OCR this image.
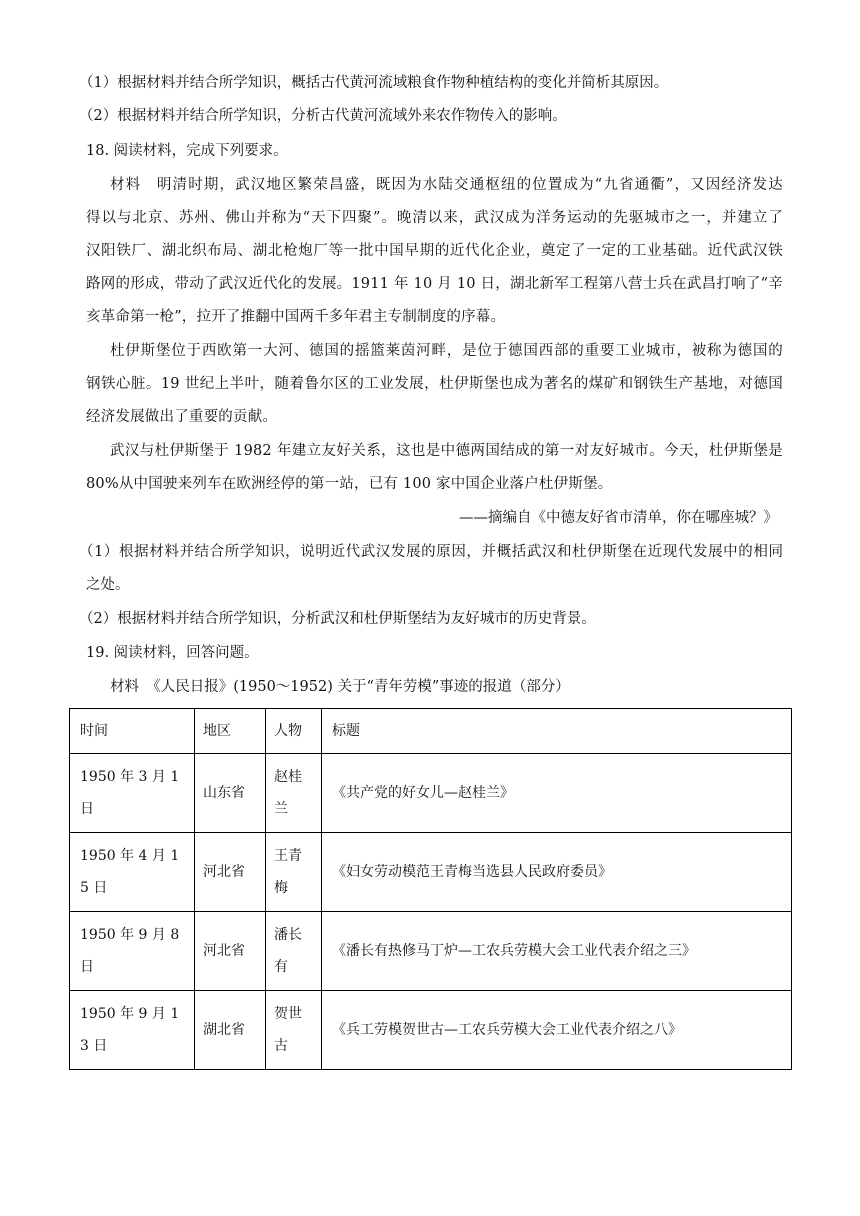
（1）根据材料并结合所学知识，概括古代黄河流域粮食作物种植结构的变化并简析其原因。
（2）根据材料并结合所学知识，分析古代黄河流域外来农作物传入的影响。
18. 阅读材料，完成下列要求。
材料　明清时期，武汉地区繁荣昌盛，既因为水陆交通枢纽的位置成为“九省通衢”，又因经济发达
得以与北京、苏州、佛山并称为“天下四聚”。晚清以来，武汉成为洋务运动的先驱城市之一，并建立了
汉阳铁厂、湖北织布局、湖北枪炮厂等一批中国早期的近代化企业，奠定了一定的工业基础。近代武汉铁
路网的形成，带动了武汉近代化的发展。1911 年 10 月 10 日，湖北新军工程第八营士兵在武昌打响了“辛
亥革命第一枪”，拉开了推翻中国两千多年君主专制制度的序幕。
杜伊斯堡位于西欧第一大河、德国的摇篮莱茵河畔，是位于德国西部的重要工业城市，被称为德国的
钢铁心脏。19 世纪上半叶，随着鲁尔区的工业发展，杜伊斯堡也成为著名的煤矿和钢铁生产基地，对德国
经济发展做出了重要的贡献。
武汉与杜伊斯堡于 1982 年建立友好关系，这也是中德两国结成的第一对友好城市。今天，杜伊斯堡是
80%从中国驶来列车在欧洲经停的第一站，已有 100 家中国企业落户杜伊斯堡。
——摘编自《中德友好省市清单，你在哪座城？》
（1）根据材料并结合所学知识，说明近代武汉发展的原因，并概括武汉和杜伊斯堡在近现代发展中的相同
之处。
（2）根据材料并结合所学知识，分析武汉和杜伊斯堡结为友好城市的历史背景。
19. 阅读材料，回答问题。
材料　《人民日报》(1950～1952) 关于“青年劳模”事迹的报道（部分）
时间	地区	人物	标题
1950 年 3 月 1 日	山东省	赵桂兰	《共产党的好女儿—赵桂兰》
1950 年 4 月 15 日	河北省	王青梅	《妇女劳动模范王青梅当选县人民政府委员》
1950 年 9 月 8 日	河北省	潘长有	《潘长有热修马丁炉—工农兵劳模大会工业代表介绍之三》
1950 年 9 月 13 日	湖北省	贺世古	《兵工劳模贺世古—工农兵劳模大会工业代表介绍之八》
